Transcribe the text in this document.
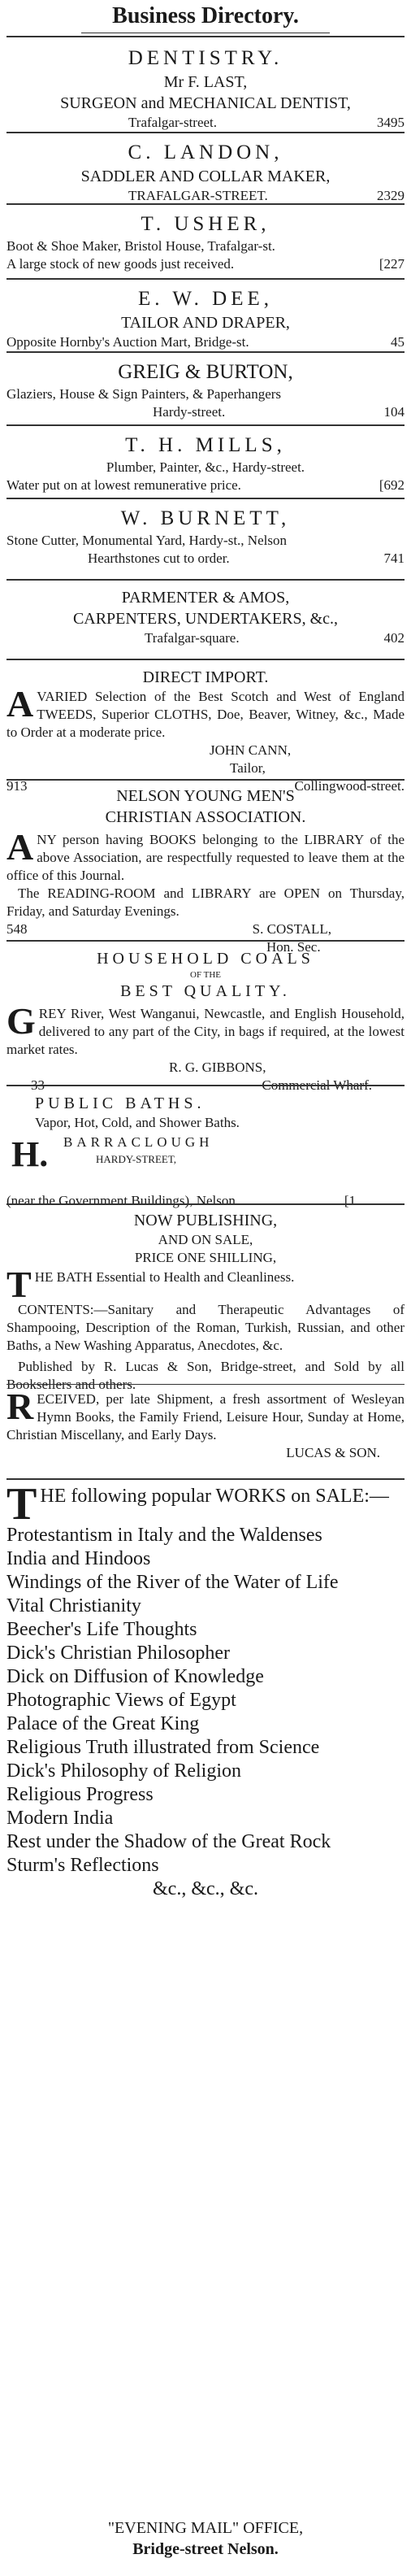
Business Directory.
DENTISTRY.
Mr F. LAST,
SURGEON and MECHANICAL DENTIST,
Trafalgar-street.	3495
C. LANDON,
SADDLER AND COLLAR MAKER,
TRAFALGAR-STREET.	2329
T. USHER,
Boot & Shoe Maker, Bristol House, Trafalgar-st.
A large stock of new goods just received.	[227
E. W. DEE,
TAILOR AND DRAPER,
Opposite Hornby's Auction Mart, Bridge-st.	45
GREIG & BURTON,
Glaziers, House & Sign Painters, & Paperhangers
Hardy-street.	104
T. H. MILLS,
Plumber, Painter, &c., Hardy-street.
Water put on at lowest remunerative price.	[692
W. BURNETT,
Stone Cutter, Monumental Yard, Hardy-st., Nelson
Hearthstones cut to order.	741
PARMENTER & AMOS,
CARPENTERS, UNDERTAKERS, &c.,
Trafalgar-square.	402
DIRECT IMPORT.
A VARIED Selection of the Best Scotch and West of England TWEEDS, Superior CLOTHS, Doe, Beaver, Witney, &c., Made to Order at a moderate price.
JOHN CANN,
Tailor,
913	Collingwood-street.
NELSON YOUNG MEN'S
CHRISTIAN ASSOCIATION.
A NY person having BOOKS belonging to the LIBRARY of the above Association, are respectfully requested to leave them at the office of this Journal.
The READING-ROOM and LIBRARY are OPEN on Thursday, Friday, and Saturday Evenings.
548	S. COSTALL,
Hon. Sec.
HOUSEHOLD COALS
OF THE
BEST QUALITY.
G REY River, West Wanganui, Newcastle, and English Household, delivered to any part of the City, in bags if required, at the lowest market rates.
R. G. GIBBONS,
33	Commercial Wharf.
PUBLIC BATHS.
Vapor, Hot, Cold, and Shower Baths.
H. BARRACLOUGH
HARDY-STREET,
(near the Government Buildings), Nelson.	[1
NOW PUBLISHING,
AND ON SALE,
PRICE ONE SHILLING,
T HE BATH Essential to Health and Cleanliness.
CONTENTS:—Sanitary and Therapeutic Advantages of Shampooing, Description of the Roman, Turkish, Russian, and other Baths, a New Washing Apparatus, Anecdotes, &c.
Published by R. Lucas & Son, Bridge-street, and Sold by all Booksellers and others.
R ECEIVED, per late Shipment, a fresh assortment of Wesleyan Hymn Books, the Family Friend, Leisure Hour, Sunday at Home, Christian Miscellany, and Early Days.
LUCAS & SON.
T HE following popular WORKS on SALE:—
Protestantism in Italy and the Waldenses
India and Hindoos
Windings of the River of the Water of Life
Vital Christianity
Beecher's Life Thoughts
Dick's Christian Philosopher
Dick on Diffusion of Knowledge
Photographic Views of Egypt
Palace of the Great King
Religious Truth illustrated from Science
Dick's Philosophy of Religion
Religious Progress
Modern India
Rest under the Shadow of the Great Rock
Sturm's Reflections
&c., &c., &c.
"EVENING MAIL" OFFICE,
Bridge-street Nelson.
